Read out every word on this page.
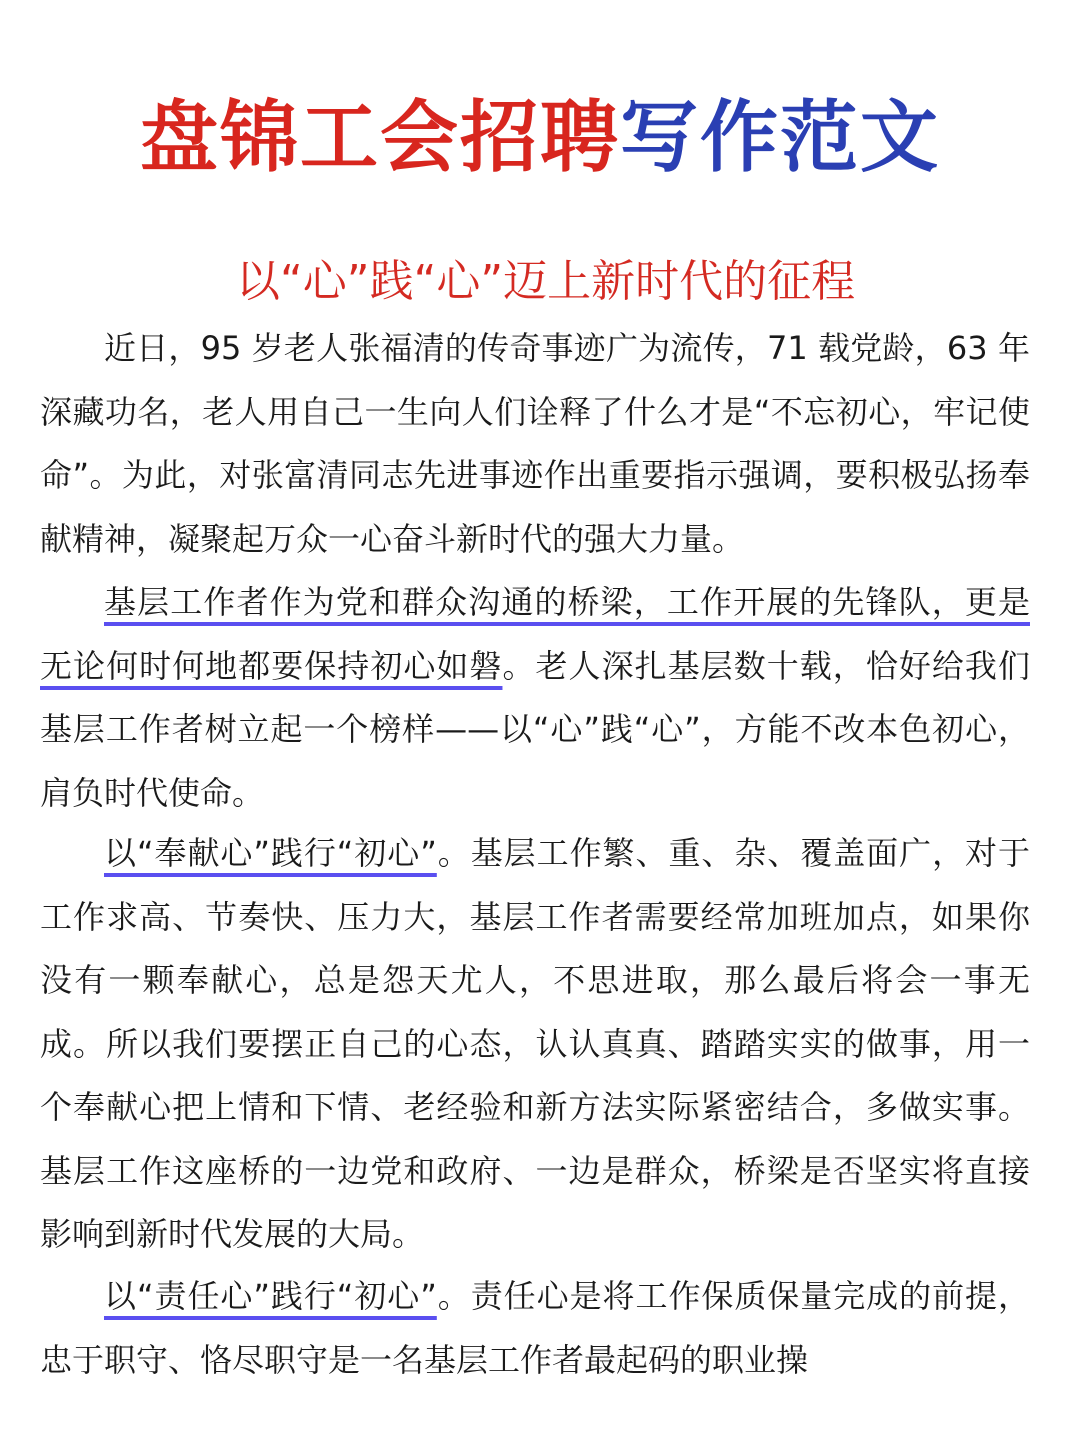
盘锦工会招聘写作范文
以“心”践“心”迈上新时代的征程

近日，95 岁老人张福清的传奇事迹广为流传，71 载党龄，63 年深藏功名，老人用自己一生向人们诠释了什么才是“不忘初心，牢记使命”。为此，对张富清同志先进事迹作出重要指示强调，要积极弘扬奉献精神，凝聚起万众一心奋斗新时代的强大力量。

基层工作者作为党和群众沟通的桥梁，工作开展的先锋队，更是无论何时何地都要保持初心如磐。老人深扎基层数十载，恰好给我们基层工作者树立起一个榜样——以“心”践“心”，方能不改本色初心，肩负时代使命。

以“奉献心”践行“初心”。基层工作繁、重、杂、覆盖面广，对于工作求高、节奏快、压力大，基层工作者需要经常加班加点，如果你没有一颗奉献心，总是怨天尤人，不思进取，那么最后将会一事无成。所以我们要摆正自己的心态，认认真真、踏踏实实的做事，用一个奉献心把上情和下情、老经验和新方法实际紧密结合，多做实事。基层工作这座桥的一边党和政府、一边是群众，桥梁是否坚实将直接影响到新时代发展的大局。

以“责任心”践行“初心”。责任心是将工作保质保量完成的前提，忠于职守、恪尽职守是一名基层工作者最起码的职业操
